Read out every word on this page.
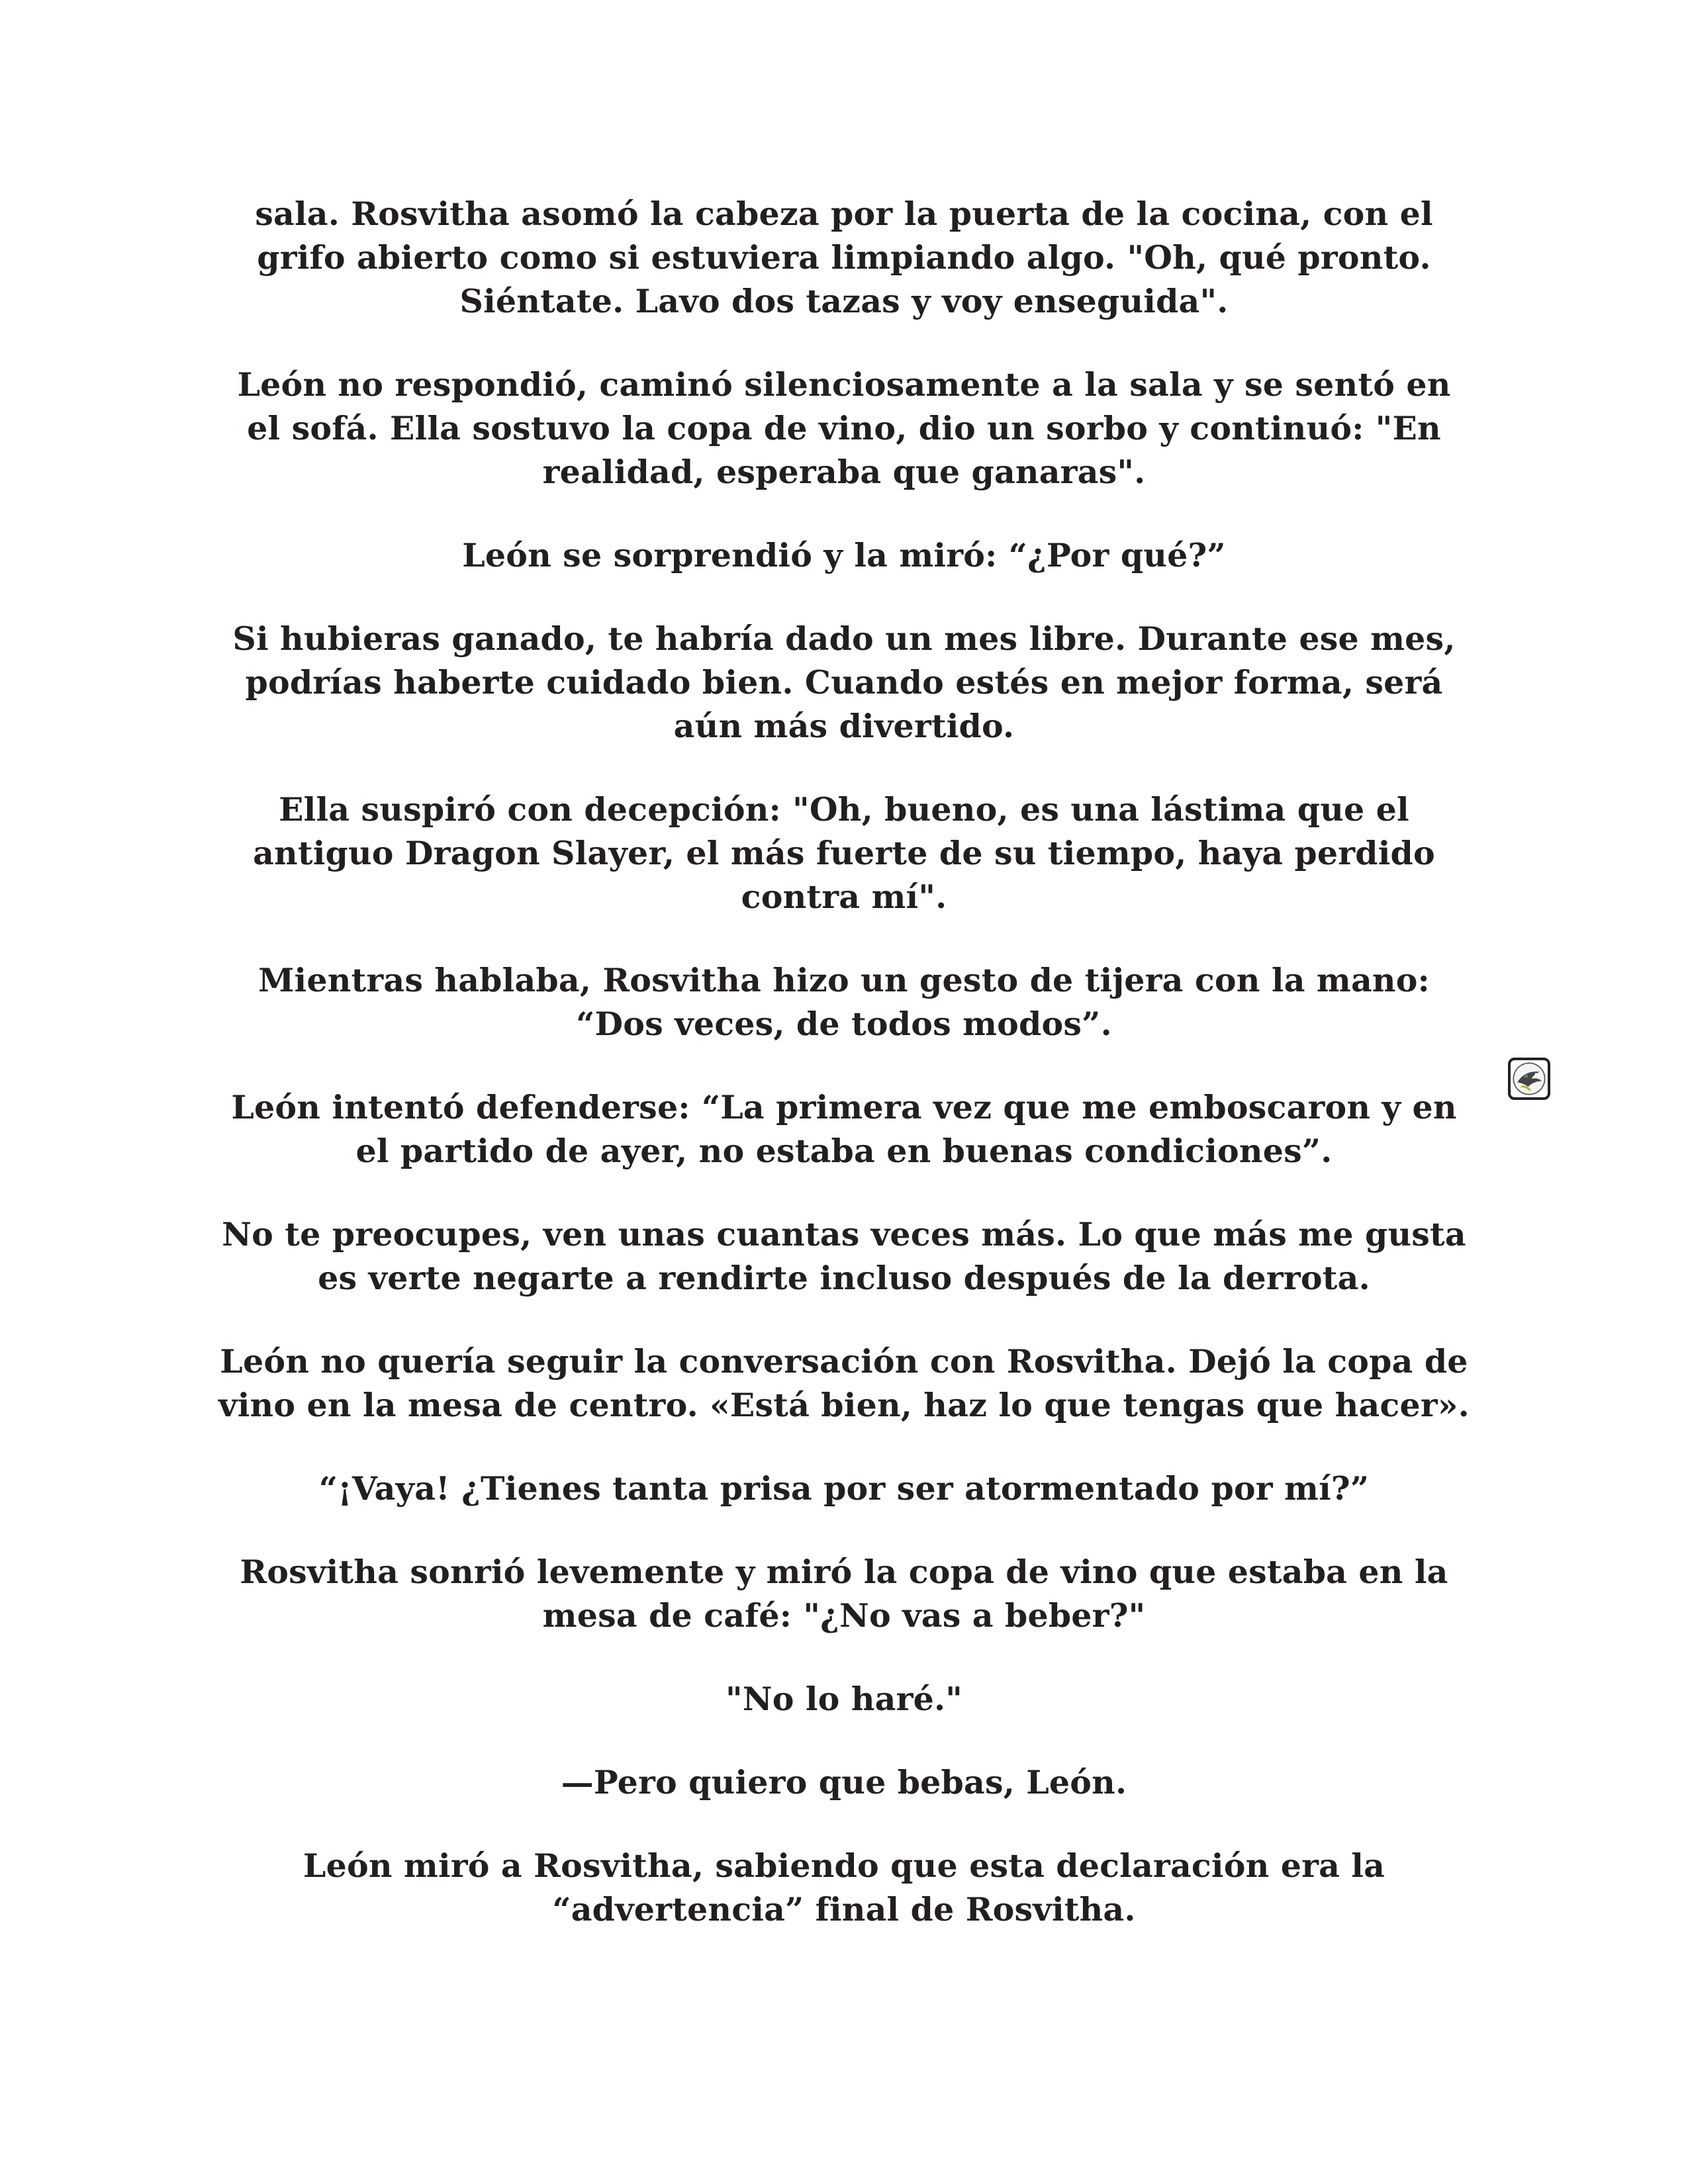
sala. Rosvitha asomó la cabeza por la puerta de la cocina, con el grifo abierto como si estuviera limpiando algo. "Oh, qué pronto. Siéntate. Lavo dos tazas y voy enseguida".

León no respondió, caminó silenciosamente a la sala y se sentó en el sofá. Ella sostuvo la copa de vino, dio un sorbo y continuó: "En realidad, esperaba que ganaras".

León se sorprendió y la miró: “¿Por qué?”

Si hubieras ganado, te habría dado un mes libre. Durante ese mes, podrías haberte cuidado bien. Cuando estés en mejor forma, será aún más divertido.

Ella suspiró con decepción: "Oh, bueno, es una lástima que el antiguo Dragon Slayer, el más fuerte de su tiempo, haya perdido contra mí".

Mientras hablaba, Rosvitha hizo un gesto de tijera con la mano: “Dos veces, de todos modos”.

León intentó defenderse: “La primera vez que me emboscaron y en el partido de ayer, no estaba en buenas condiciones”.

No te preocupes, ven unas cuantas veces más. Lo que más me gusta es verte negarte a rendirte incluso después de la derrota.

León no quería seguir la conversación con Rosvitha. Dejó la copa de vino en la mesa de centro. «Está bien, haz lo que tengas que hacer».

“¡Vaya! ¿Tienes tanta prisa por ser atormentado por mí?”

Rosvitha sonrió levemente y miró la copa de vino que estaba en la mesa de café: "¿No vas a beber?"

"No lo haré."

—Pero quiero que bebas, León.

León miró a Rosvitha, sabiendo que esta declaración era la “advertencia” final de Rosvitha.
